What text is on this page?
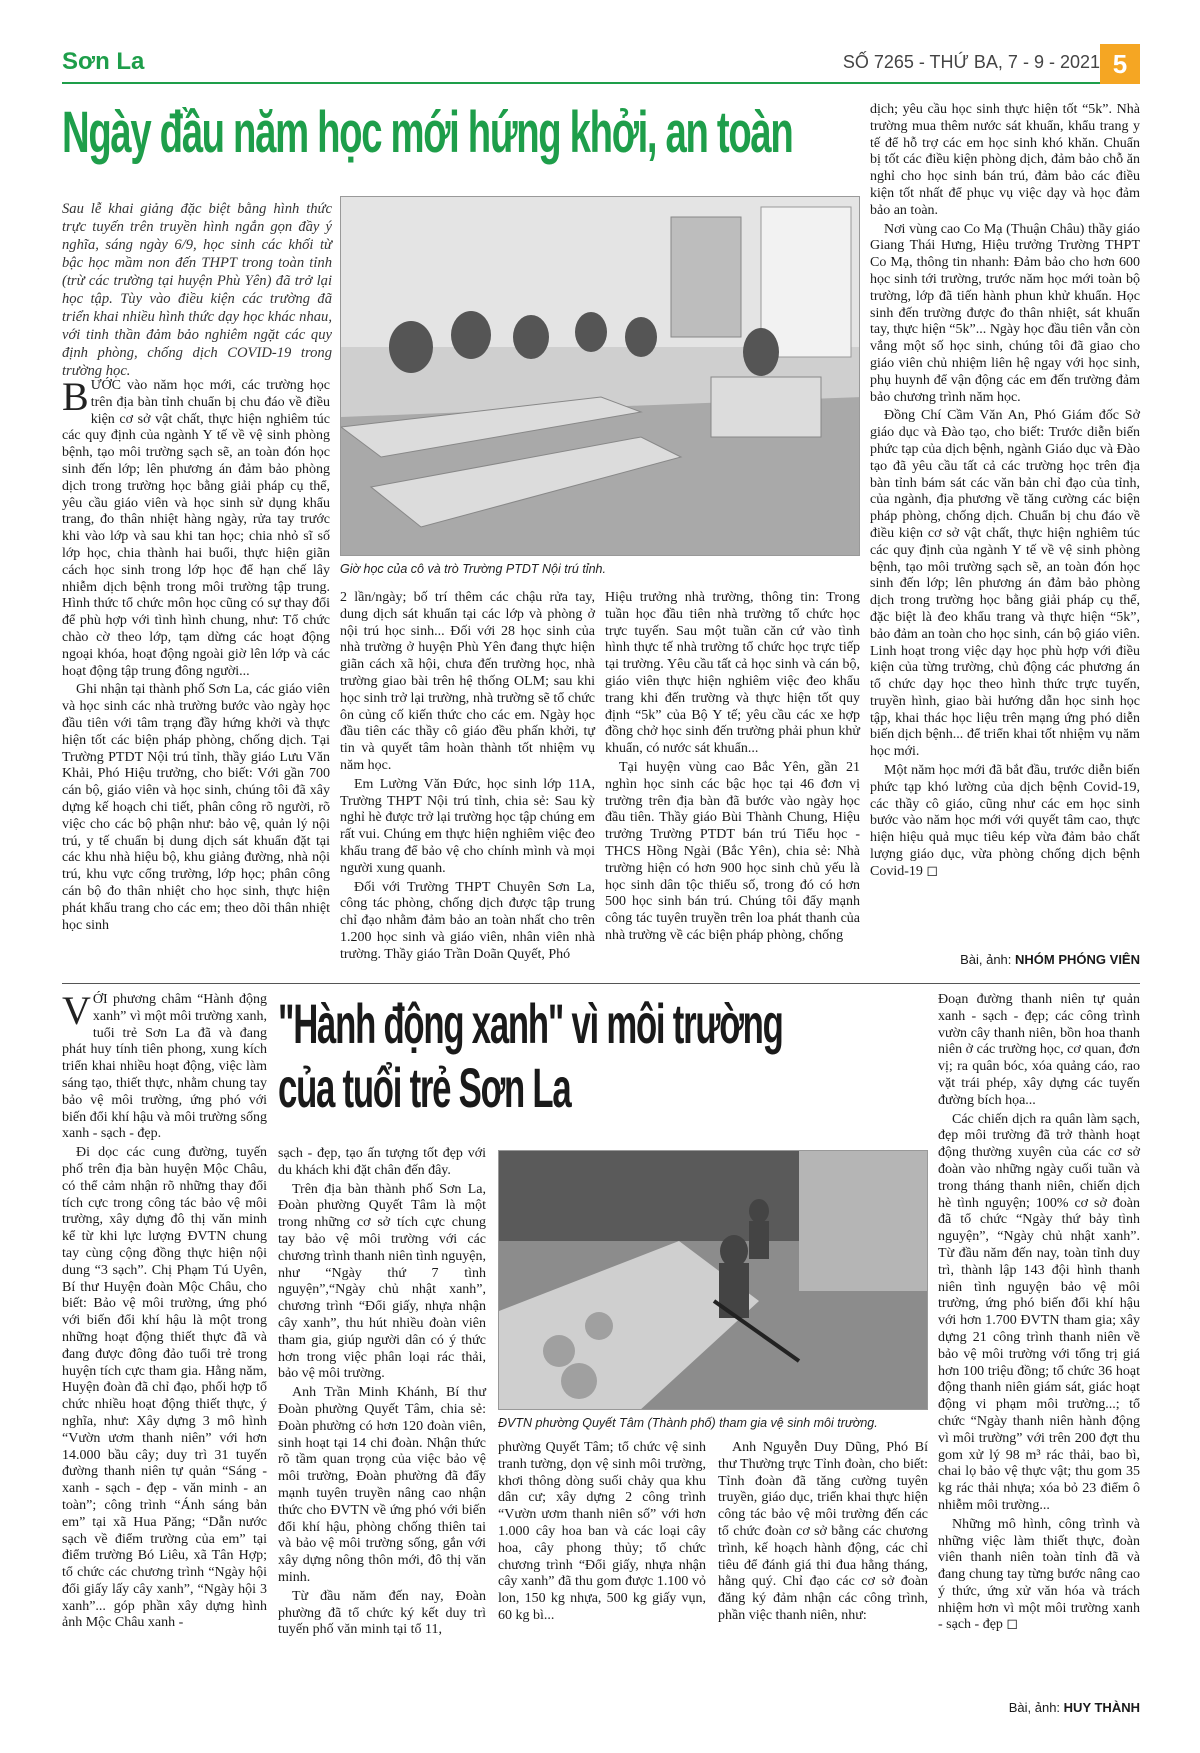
Sơn La	SỐ 7265 - THỨ BA, 7 - 9 - 2021 5
Ngày đầu năm học mới hứng khởi, an toàn
Sau lễ khai giảng đặc biệt bằng hình thức trực tuyến trên truyền hình ngắn gọn đầy ý nghĩa, sáng ngày 6/9, học sinh các khối từ bậc học mầm non đến THPT trong toàn tỉnh (trừ các trường tại huyện Phù Yên) đã trở lại học tập. Tùy vào điều kiện các trường đã triển khai nhiều hình thức dạy học khác nhau, với tinh thần đảm bảo nghiêm ngặt các quy định phòng, chống dịch COVID-19 trong trường học.
Giờ học của cô và trò Trường PTDT Nội trú tỉnh.

BƯỚC vào năm học mới, các trường học trên địa bàn tỉnh chuẩn bị chu đáo về điều kiện cơ sở vật chất, thực hiện nghiêm túc các quy định của ngành Y tế về vệ sinh phòng bệnh, tạo môi trường sạch sẽ, an toàn đón học sinh đến lớp; lên phương án đảm bảo phòng dịch trong trường học bằng giải pháp cụ thể, yêu cầu giáo viên và học sinh sử dụng khẩu trang, đo thân nhiệt hàng ngày, rửa tay trước khi vào lớp và sau khi tan học; chia nhỏ sĩ số lớp học, chia thành hai buổi, thực hiện giãn cách học sinh trong lớp học để hạn chế lây nhiễm dịch bệnh trong môi trường tập trung. Hình thức tổ chức môn học cũng có sự thay đổi để phù hợp với tình hình chung, như: Tổ chức chào cờ theo lớp, tạm dừng các hoạt động ngoại khóa, hoạt động ngoài giờ lên lớp và các hoạt động tập trung đông người...

Ghi nhận tại thành phố Sơn La, các giáo viên và học sinh các nhà trường bước vào ngày học đầu tiên với tâm trạng đầy hứng khởi và thực hiện tốt các biện pháp phòng, chống dịch. Tại Trường PTDT Nội trú tỉnh, thầy giáo Lưu Văn Khải, Phó Hiệu trưởng, cho biết: Với gần 700 cán bộ, giáo viên và học sinh, chúng tôi đã xây dựng kế hoạch chi tiết, phân công rõ người, rõ việc cho các bộ phận như: bảo vệ, quản lý nội trú, y tế chuẩn bị dung dịch sát khuẩn đặt tại các khu nhà hiệu bộ, khu giảng đường, nhà nội trú, khu vực cổng trường, lớp học; phân công cán bộ đo thân nhiệt cho học sinh, thực hiện phát khẩu trang cho các em; theo dõi thân nhiệt học sinh

2 lần/ngày; bố trí thêm các chậu rửa tay, dung dịch sát khuẩn tại các lớp và phòng ở nội trú học sinh... Đối với 28 học sinh của nhà trường ở huyện Phù Yên đang thực hiện giãn cách xã hội, chưa đến trường học, nhà trường giao bài trên hệ thống OLM; sau khi học sinh trở lại trường, nhà trường sẽ tổ chức ôn củng cố kiến thức cho các em. Ngày học đầu tiên các thầy cô giáo đều phấn khởi, tự tin và quyết tâm hoàn thành tốt nhiệm vụ năm học.

Em Lường Văn Đức, học sinh lớp 11A, Trường THPT Nội trú tỉnh, chia sẻ: Sau kỳ nghỉ hè được trở lại trường học tập chúng em rất vui. Chúng em thực hiện nghiêm việc đeo khẩu trang để bảo vệ cho chính mình và mọi người xung quanh.

Đối với Trường THPT Chuyên Sơn La, công tác phòng, chống dịch được tập trung chỉ đạo nhằm đảm bảo an toàn nhất cho trên 1.200 học sinh và giáo viên, nhân viên nhà trường. Thầy giáo Trần Doãn Quyết, Phó

Hiệu trưởng nhà trường, thông tin: Trong tuần học đầu tiên nhà trường tổ chức học trực tuyến. Sau một tuần căn cứ vào tình hình thực tế nhà trường tổ chức học trực tiếp tại trường. Yêu cầu tất cả học sinh và cán bộ, giáo viên thực hiện nghiêm việc đeo khẩu trang khi đến trường và thực hiện tốt quy định “5k” của Bộ Y tế; yêu cầu các xe hợp đồng chở học sinh đến trường phải phun khử khuẩn, có nước sát khuẩn...

Tại huyện vùng cao Bắc Yên, gần 21 nghìn học sinh các bậc học tại 46 đơn vị trường trên địa bàn đã bước vào ngày học đầu tiên. Thầy giáo Bùi Thành Chung, Hiệu trưởng Trường PTDT bán trú Tiểu học - THCS Hồng Ngài (Bắc Yên), chia sẻ: Nhà trường hiện có hơn 900 học sinh chủ yếu là học sinh dân tộc thiểu số, trong đó có hơn 500 học sinh bán trú. Chúng tôi đẩy mạnh công tác tuyên truyền trên loa phát thanh của nhà trường về các biện pháp phòng, chống

dịch; yêu cầu học sinh thực hiện tốt “5k”. Nhà trường mua thêm nước sát khuẩn, khẩu trang y tế để hỗ trợ các em học sinh khó khăn. Chuẩn bị tốt các điều kiện phòng dịch, đảm bảo chỗ ăn nghỉ cho học sinh bán trú, đảm bảo các điều kiện tốt nhất để phục vụ việc dạy và học đảm bảo an toàn.

Nơi vùng cao Co Mạ (Thuận Châu) thầy giáo Giang Thái Hưng, Hiệu trưởng Trường THPT Co Mạ, thông tin nhanh: Đảm bảo cho hơn 600 học sinh tới trường, trước năm học mới toàn bộ trường, lớp đã tiến hành phun khử khuẩn. Học sinh đến trường được đo thân nhiệt, sát khuẩn tay, thực hiện “5k”... Ngày học đầu tiên vẫn còn vắng một số học sinh, chúng tôi đã giao cho giáo viên chủ nhiệm liên hệ ngay với học sinh, phụ huynh để vận động các em đến trường đảm bảo chương trình năm học.

Đồng Chí Cầm Văn An, Phó Giám đốc Sở giáo dục và Đào tạo, cho biết: Trước diễn biến phức tạp của dịch bệnh, ngành Giáo dục và Đào tạo đã yêu cầu tất cả các trường học trên địa bàn tỉnh bám sát các văn bản chỉ đạo của tỉnh, của ngành, địa phương về tăng cường các biện pháp phòng, chống dịch. Chuẩn bị chu đáo về điều kiện cơ sở vật chất, thực hiện nghiêm túc các quy định của ngành Y tế về vệ sinh phòng bệnh, tạo môi trường sạch sẽ, an toàn đón học sinh đến lớp; lên phương án đảm bảo phòng dịch trong trường học bằng giải pháp cụ thể, đặc biệt là đeo khẩu trang và thực hiện “5k”, bảo đảm an toàn cho học sinh, cán bộ giáo viên. Linh hoạt trong việc dạy học phù hợp với điều kiện của từng trường, chủ động các phương án tổ chức dạy học theo hình thức trực tuyến, truyền hình, giao bài hướng dẫn học sinh học tập, khai thác học liệu trên mạng ứng phó diễn biến dịch bệnh... để triển khai tốt nhiệm vụ năm học mới.

Một năm học mới đã bắt đầu, trước diễn biến phức tạp khó lường của dịch bệnh Covid-19, các thầy cô giáo, cũng như các em học sinh bước vào năm học mới với quyết tâm cao, thực hiện hiệu quả mục tiêu kép vừa đảm bảo chất lượng giáo dục, vừa phòng chống dịch bệnh Covid-19 ◻

Bài, ảnh: NHÓM PHÓNG VIÊN
"Hành động xanh" vì môi trường
của tuổi trẻ Sơn La
ĐVTN phường Quyết Tâm (Thành phố) tham gia vệ sinh môi trường.

VỚI phương châm “Hành động xanh” vì một môi trường xanh, tuổi trẻ Sơn La đã và đang phát huy tính tiên phong, xung kích triển khai nhiều hoạt động, việc làm sáng tạo, thiết thực, nhằm chung tay bảo vệ môi trường, ứng phó với biến đổi khí hậu và môi trường sống xanh - sạch - đẹp.

Đi dọc các cung đường, tuyến phố trên địa bàn huyện Mộc Châu, có thể cảm nhận rõ những thay đổi tích cực trong công tác bảo vệ môi trường, xây dựng đô thị văn minh kể từ khi lực lượng ĐVTN chung tay cùng cộng đồng thực hiện nội dung “3 sạch”. Chị Phạm Tú Uyên, Bí thư Huyện đoàn Mộc Châu, cho biết: Bảo vệ môi trường, ứng phó với biến đổi khí hậu là một trong những hoạt động thiết thực đã và đang được đông đảo tuổi trẻ trong huyện tích cực tham gia. Hằng năm, Huyện đoàn đã chỉ đạo, phối hợp tổ chức nhiều hoạt động thiết thực, ý nghĩa, như: Xây dựng 3 mô hình “Vườn ươm thanh niên” với hơn 14.000 bầu cây; duy trì 31 tuyến đường thanh niên tự quản “Sáng - xanh - sạch - đẹp - văn minh - an toàn”; công trình “Ánh sáng bản em” tại xã Hua Păng; “Dẫn nước sạch về điểm trường của em” tại điểm trường Bó Liêu, xã Tân Hợp; tổ chức các chương trình “Ngày hội đổi giấy lấy cây xanh”, “Ngày hội 3 xanh”... góp phần xây dựng hình ảnh Mộc Châu xanh -

sạch - đẹp, tạo ấn tượng tốt đẹp với du khách khi đặt chân đến đây.

Trên địa bàn thành phố Sơn La, Đoàn phường Quyết Tâm là một trong những cơ sở tích cực chung tay bảo vệ môi trường với các chương trình thanh niên tình nguyện, như “Ngày thứ 7 tình nguyện”,“Ngày chủ nhật xanh”, chương trình “Đổi giấy, nhựa nhận cây xanh”, thu hút nhiều đoàn viên tham gia, giúp người dân có ý thức hơn trong việc phân loại rác thải, bảo vệ môi trường.

Anh Trần Minh Khánh, Bí thư Đoàn phường Quyết Tâm, chia sẻ: Đoàn phường có hơn 120 đoàn viên, sinh hoạt tại 14 chi đoàn. Nhận thức rõ tầm quan trọng của việc bảo vệ môi trường, Đoàn phường đã đẩy mạnh tuyên truyền nâng cao nhận thức cho ĐVTN về ứng phó với biến đổi khí hậu, phòng chống thiên tai và bảo vệ môi trường sống, gắn với xây dựng nông thôn mới, đô thị văn minh.

Từ đầu năm đến nay, Đoàn phường đã tổ chức ký kết duy trì tuyến phố văn minh tại tổ 11,

phường Quyết Tâm; tổ chức vệ sinh tranh tường, dọn vệ sinh môi trường, khơi thông dòng suối chảy qua khu dân cư; xây dựng 2 công trình “Vườn ươm thanh niên số” với hơn 1.000 cây hoa ban và các loại cây hoa, cây phong thủy; tổ chức chương trình “Đổi giấy, nhựa nhận cây xanh” đã thu gom được 1.100 vỏ lon, 150 kg nhựa, 500 kg giấy vụn, 60 kg bì...

Anh Nguyễn Duy Dũng, Phó Bí thư Thường trực Tỉnh đoàn, cho biết: Tỉnh đoàn đã tăng cường tuyên truyền, giáo dục, triển khai thực hiện công tác bảo vệ môi trường đến các tổ chức đoàn cơ sở bằng các chương trình, kế hoạch hành động, các chỉ tiêu để đánh giá thi đua hằng tháng, hằng quý. Chỉ đạo các cơ sở đoàn đăng ký đảm nhận các công trình, phần việc thanh niên, như:

Đoạn đường thanh niên tự quản xanh - sạch - đẹp; các công trình vườn cây thanh niên, bồn hoa thanh niên ở các trường học, cơ quan, đơn vị; ra quân bóc, xóa quảng cáo, rao vặt trái phép, xây dựng các tuyến đường bích họa...

Các chiến dịch ra quân làm sạch, đẹp môi trường đã trở thành hoạt động thường xuyên của các cơ sở đoàn vào những ngày cuối tuần và trong tháng thanh niên, chiến dịch hè tình nguyện; 100% cơ sở đoàn đã tổ chức “Ngày thứ bảy tình nguyện”, “Ngày chủ nhật xanh”. Từ đầu năm đến nay, toàn tỉnh duy trì, thành lập 143 đội hình thanh niên tình nguyện bảo vệ môi trường, ứng phó biến đổi khí hậu với hơn 1.700 ĐVTN tham gia; xây dựng 21 công trình thanh niên về bảo vệ môi trường với tổng trị giá hơn 100 triệu đồng; tổ chức 36 hoạt động thanh niên giám sát, giác hoạt động vi phạm môi trường...; tổ chức “Ngày thanh niên hành động vì môi trường” với trên 200 đợt thu gom xử lý 98 m³ rác thải, bao bì, chai lọ bảo vệ thực vật; thu gom 35 kg rác thải nhựa; xóa bỏ 23 điểm ô nhiễm môi trường...

Những mô hình, công trình và những việc làm thiết thực, đoàn viên thanh niên toàn tỉnh đã và đang chung tay từng bước nâng cao ý thức, ứng xử văn hóa và trách nhiệm hơn vì một môi trường xanh - sạch - đẹp ◻

Bài, ảnh: HUY THÀNH
